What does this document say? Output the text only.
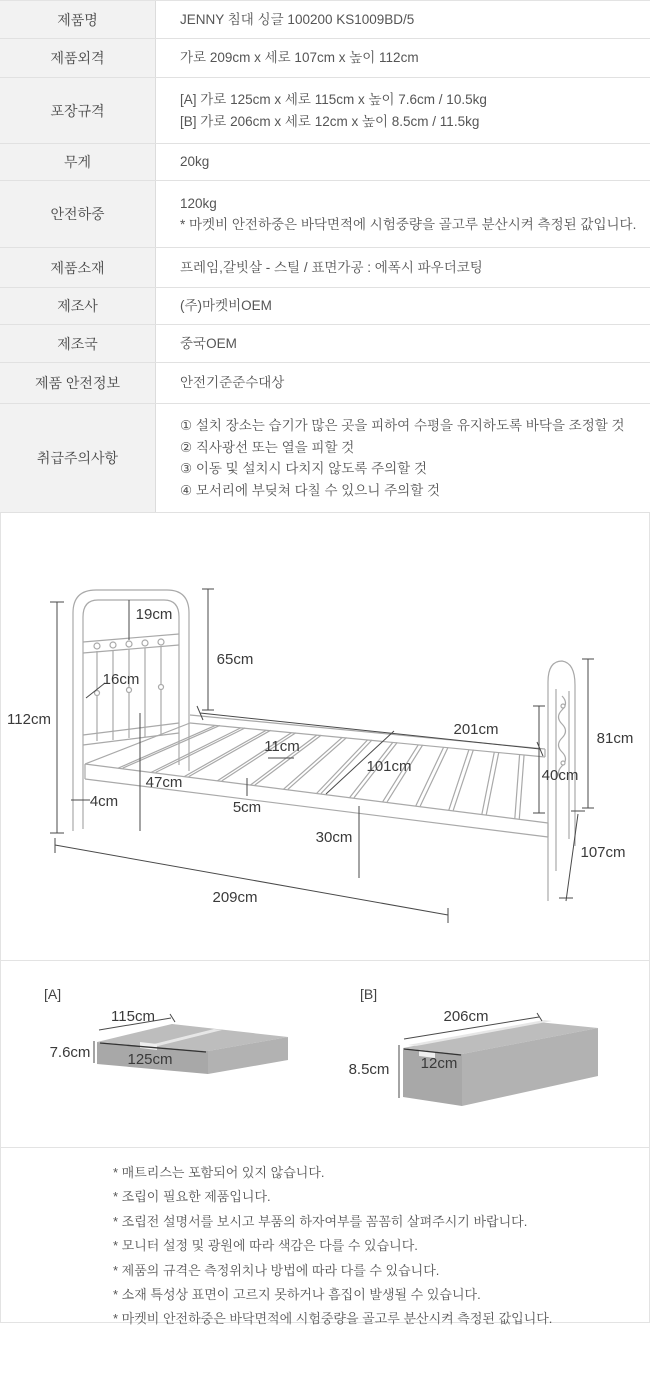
제품명	JENNY 침대 싱글 100200 KS1009BD/5
제품외격	가로 209cm x 세로 107cm x 높이 112cm
포장규격
[A] 가로 125cm x 세로 115cm x 높이 7.6cm / 10.5kg
[B] 가로 206cm x 세로 12cm x 높이 8.5cm / 11.5kg
무게	20kg
안전하중
120kg
* 마켓비 안전하중은 바닥면적에 시험중량을 골고루 분산시켜 측정된 값입니다.
제품소재	프레임,갈빗살 - 스틸 / 표면가공 : 에폭시 파우더코팅
제조사	(주)마켓비OEM
제조국	중국OEM
제품 안전정보	안전기준준수대상
취급주의사항
① 설치 장소는 습기가 많은 곳을 피하여 수평을 유지하도록 바닥을 조정할 것
② 직사광선 또는 열을 피할 것
③ 이동 및 설치시 다치지 않도록 주의할 것
④ 모서리에 부딪쳐 다칠 수 있으니 주의할 것
112cm
19cm
65cm
16cm
47cm
4cm	5cm
11cm
101cm
201cm
40cm
81cm
107cm
30cm
209cm
[A]
115cm
7.6cm 125cm
[B]
206cm
8.5cm 12cm
* 매트리스는 포함되어 있지 않습니다.
* 조립이 필요한 제품입니다.
* 조립전 설명서를 보시고 부품의 하자여부를 꼼꼼히 살펴주시기 바랍니다.
* 모니터 설정 및 광원에 따라 색감은 다를 수 있습니다.
* 제품의 규격은 측정위치나 방법에 따라 다를 수 있습니다.
* 소재 특성상 표면이 고르지 못하거나 흠집이 발생될 수 있습니다.
* 마켓비 안전하중은 바닥면적에 시험중량을 골고루 분산시켜 측정된 값입니다.
